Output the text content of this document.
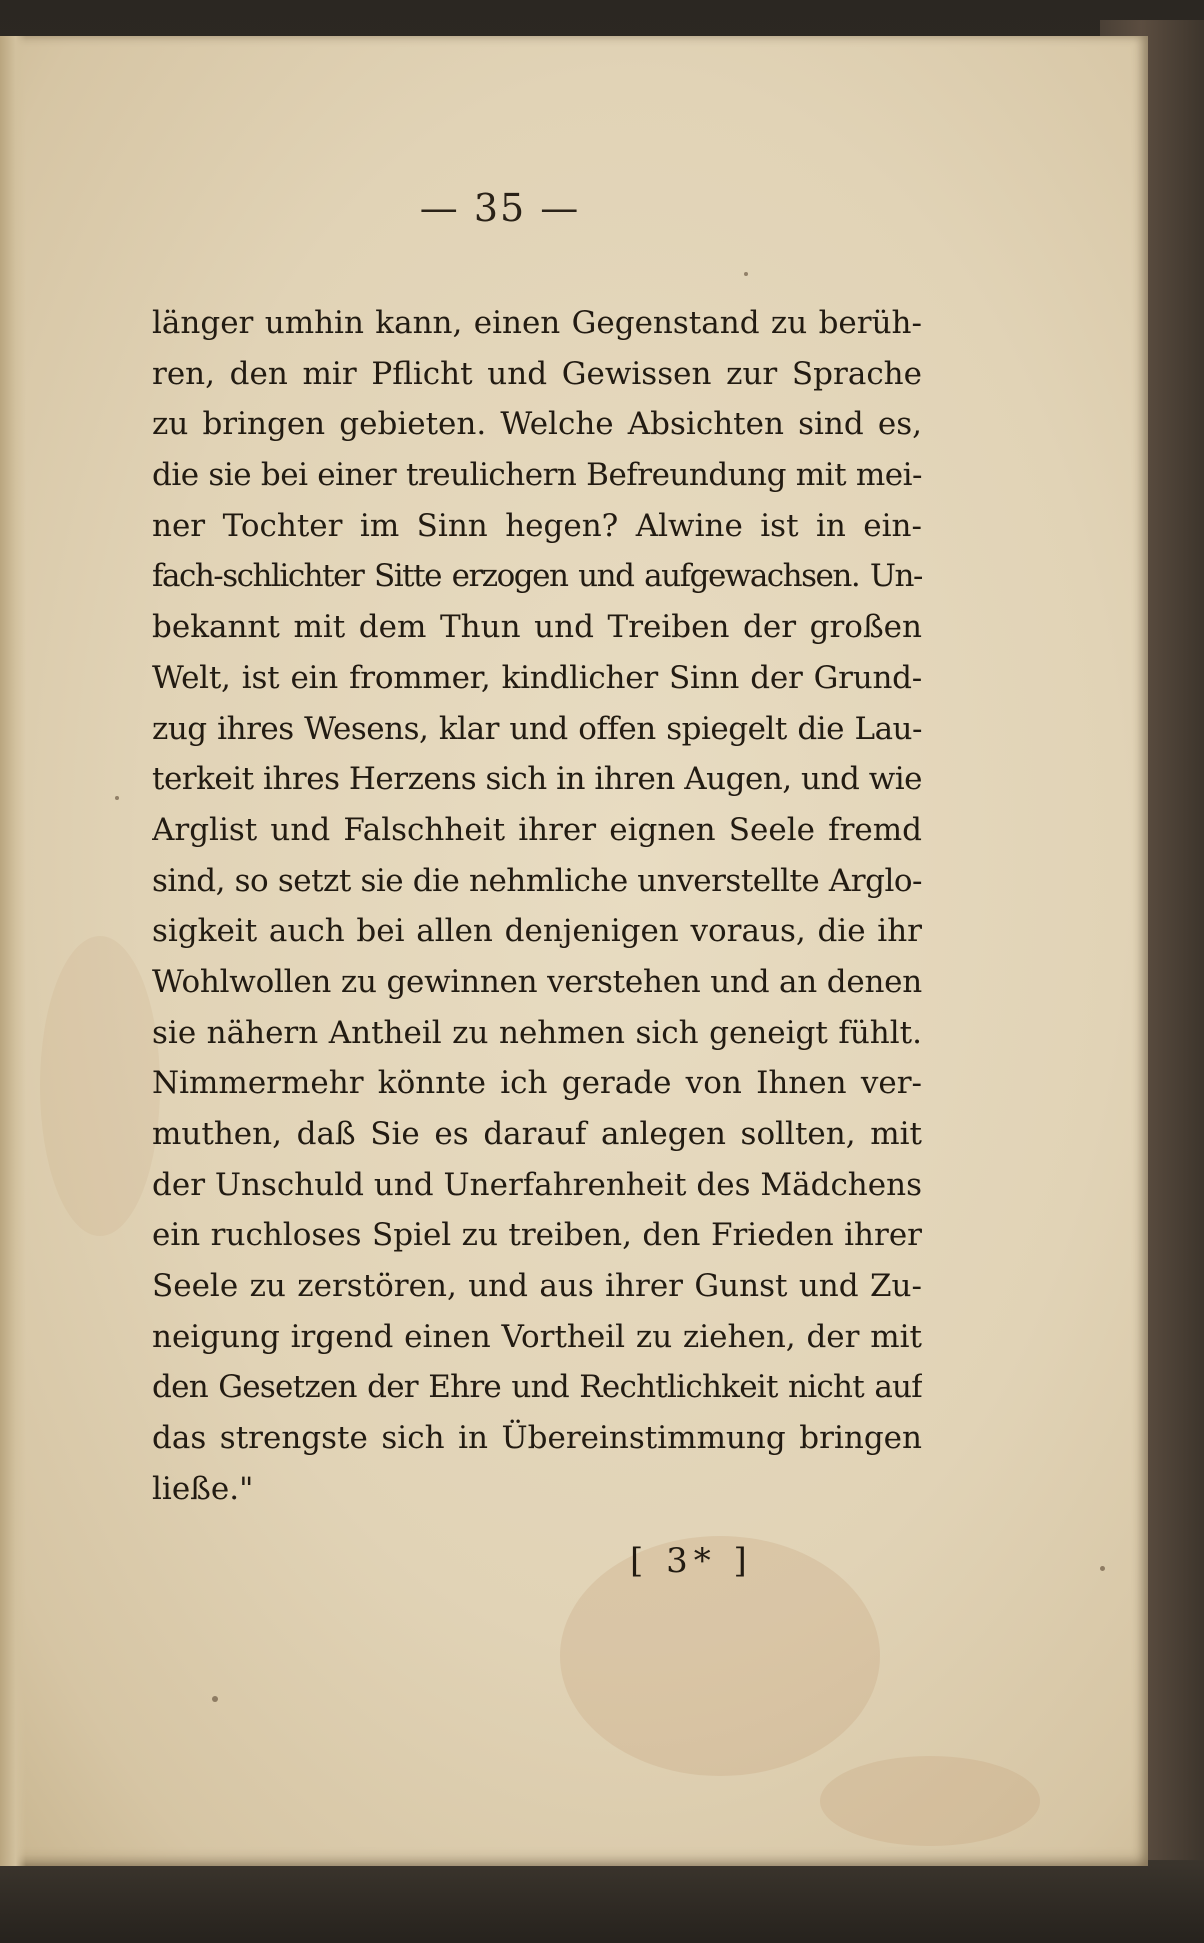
— 35 —
länger umhin kann, einen Gegenstand zu berüh-
ren, den mir Pflicht und Gewissen zur Sprache
zu bringen gebieten. Welche Absichten sind es,
die sie bei einer treulichern Befreundung mit mei-
ner Tochter im Sinn hegen? Alwine ist in ein-
fach-schlichter Sitte erzogen und aufgewachsen. Un-
bekannt mit dem Thun und Treiben der großen
Welt, ist ein frommer, kindlicher Sinn der Grund-
zug ihres Wesens, klar und offen spiegelt die Lau-
terkeit ihres Herzens sich in ihren Augen, und wie
Arglist und Falschheit ihrer eignen Seele fremd
sind, so setzt sie die nehmliche unverstellte Arglo-
sigkeit auch bei allen denjenigen voraus, die ihr
Wohlwollen zu gewinnen verstehen und an denen
sie nähern Antheil zu nehmen sich geneigt fühlt.
Nimmermehr könnte ich gerade von Ihnen ver-
muthen, daß Sie es darauf anlegen sollten, mit
der Unschuld und Unerfahrenheit des Mädchens
ein ruchloses Spiel zu treiben, den Frieden ihrer
Seele zu zerstören, und aus ihrer Gunst und Zu-
neigung irgend einen Vortheil zu ziehen, der mit
den Gesetzen der Ehre und Rechtlichkeit nicht auf
das strengste sich in Übereinstimmung bringen
ließe."
[ 3* ]
